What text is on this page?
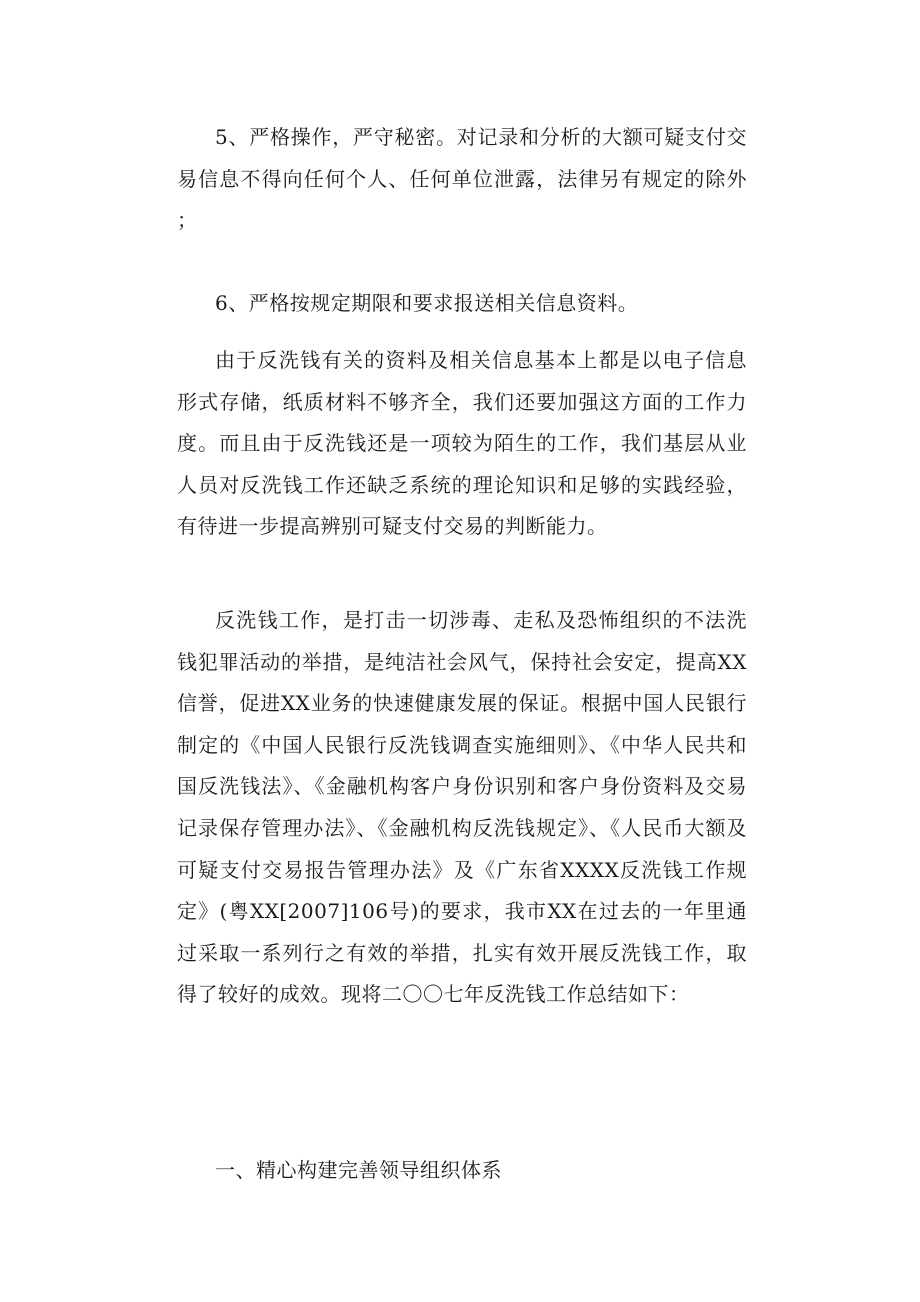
5、严格操作，严守秘密。对记录和分析的大额可疑支付交易信息不得向任何个人、任何单位泄露，法律另有规定的除外；

6、严格按规定期限和要求报送相关信息资料。

由于反洗钱有关的资料及相关信息基本上都是以电子信息形式存储，纸质材料不够齐全，我们还要加强这方面的工作力度。而且由于反洗钱还是一项较为陌生的工作，我们基层从业人员对反洗钱工作还缺乏系统的理论知识和足够的实践经验，有待进一步提高辨别可疑支付交易的判断能力。

反洗钱工作，是打击一切涉毒、走私及恐怖组织的不法洗钱犯罪活动的举措，是纯洁社会风气，保持社会安定，提高XX信誉，促进XX业务的快速健康发展的保证。根据中国人民银行制定的《中国人民银行反洗钱调查实施细则》、《中华人民共和国反洗钱法》、《金融机构客户身份识别和客户身份资料及交易记录保存管理办法》、《金融机构反洗钱规定》、《人民币大额及可疑支付交易报告管理办法》及《广东省XXXX反洗钱工作规定》(粤XX[2007]106号)的要求，我市XX在过去的一年里通过采取一系列行之有效的举措，扎实有效开展反洗钱工作，取得了较好的成效。现将二〇〇七年反洗钱工作总结如下：

一、精心构建完善领导组织体系
